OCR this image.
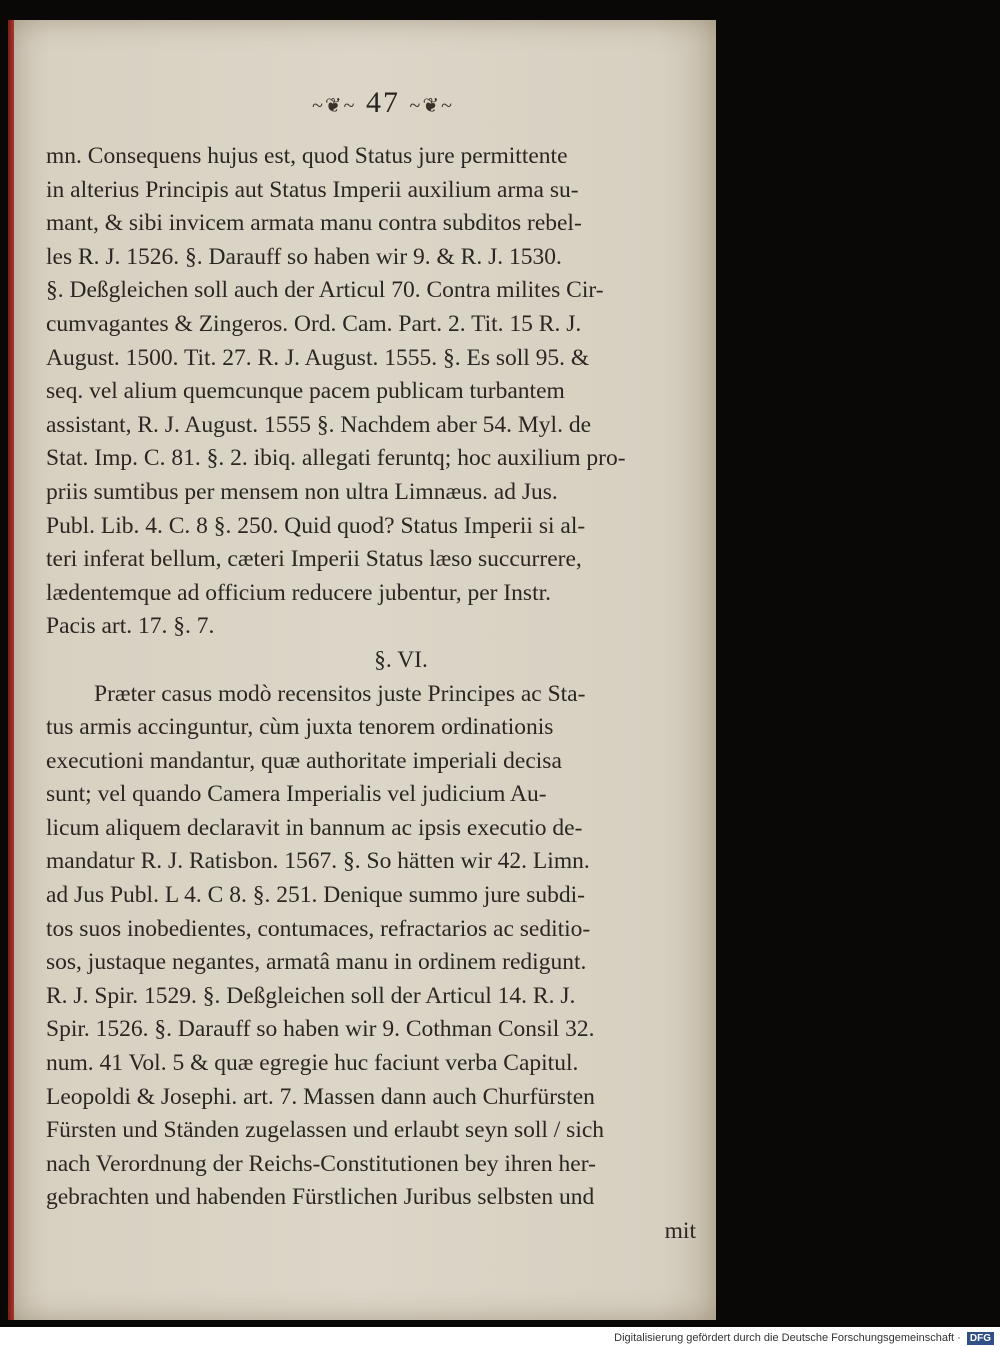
~❦~ 47 ~❦~
mn. Consequens hujus est, quod Status jure permittente
in alterius Principis aut Status Imperii auxilium arma su-
mant, & sibi invicem armata manu contra subditos rebel-
les R. J. 1526. §. Darauff so haben wir 9. & R. J. 1530.
§. Deßgleichen soll auch der Articul 70. Contra milites Cir-
cumvagantes & Zingeros. Ord. Cam. Part. 2. Tit. 15 R. J.
August. 1500. Tit. 27. R. J. August. 1555. §. Es soll 95. &
seq. vel alium quemcunque pacem publicam turbantem
assistant, R. J. August. 1555 §. Nachdem aber 54. Myl. de
Stat. Imp. C. 81. §. 2. ibiq. allegati feruntq; hoc auxilium pro-
priis sumtibus per mensem non ultra Limnæus. ad Jus.
Publ. Lib. 4. C. 8 §. 250. Quid quod? Status Imperii si al-
teri inferat bellum, cæteri Imperii Status læso succurrere,
lædentemque ad officium reducere jubentur, per Instr.
Pacis art. 17. §. 7.
§. VI.
Præter casus modò recensitos juste Principes ac Sta-
tus armis accinguntur, cùm juxta tenorem ordinationis
executioni mandantur, quæ authoritate imperiali decisa
sunt; vel quando Camera Imperialis vel judicium Au-
licum aliquem declaravit in bannum ac ipsis executio de-
mandatur R. J. Ratisbon. 1567. §. So hätten wir 42. Limn.
ad Jus Publ. L 4. C 8. §. 251. Denique summo jure subdi-
tos suos inobedientes, contumaces, refractarios ac seditio-
sos, justaque negantes, armatâ manu in ordinem redigunt.
R. J. Spir. 1529. §. Deßgleichen soll der Articul 14. R. J.
Spir. 1526. §. Darauff so haben wir 9. Cothman Consil 32.
num. 41 Vol. 5 & quæ egregie huc faciunt verba Capitul.
Leopoldi & Josephi. art. 7. Massen dann auch Churfürsten
Fürsten und Ständen zugelassen und erlaubt seyn soll / sich
nach Verordnung der Reichs-Constitutionen bey ihren her-
gebrachten und habenden Fürstlichen Juribus selbsten und
mit
Digitalisierung gefördert durch die Deutsche Forschungsgemeinschaft · DFG
